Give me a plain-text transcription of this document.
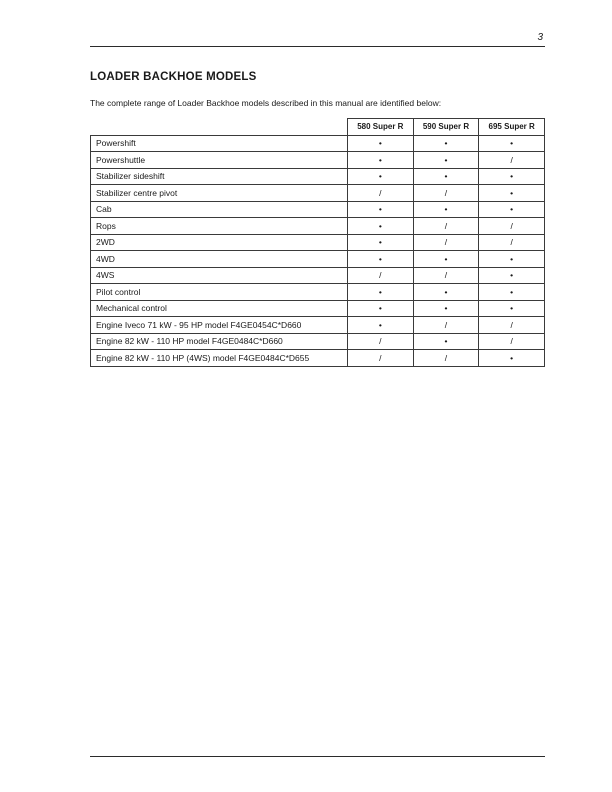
3
LOADER BACKHOE MODELS

The complete range of Loader Backhoe models described in this manual are identified below:

	580 Super R	590 Super R	695 Super R
Powershift	•	•	•
Powershuttle	•	•	/
Stabilizer sideshift	•	•	•
Stabilizer centre pivot	/	/	•
Cab	•	•	•
Rops	•	/	/
2WD	•	/	/
4WD	•	•	•
4WS	/	/	•
Pilot control	•	•	•
Mechanical control	•	•	•
Engine Iveco 71 kW - 95 HP model F4GE0454C*D660	•	/	/
Engine 82 kW - 110 HP model F4GE0484C*D660	/	•	/
Engine 82 kW - 110 HP (4WS) model F4GE0484C*D655	/	/	•
